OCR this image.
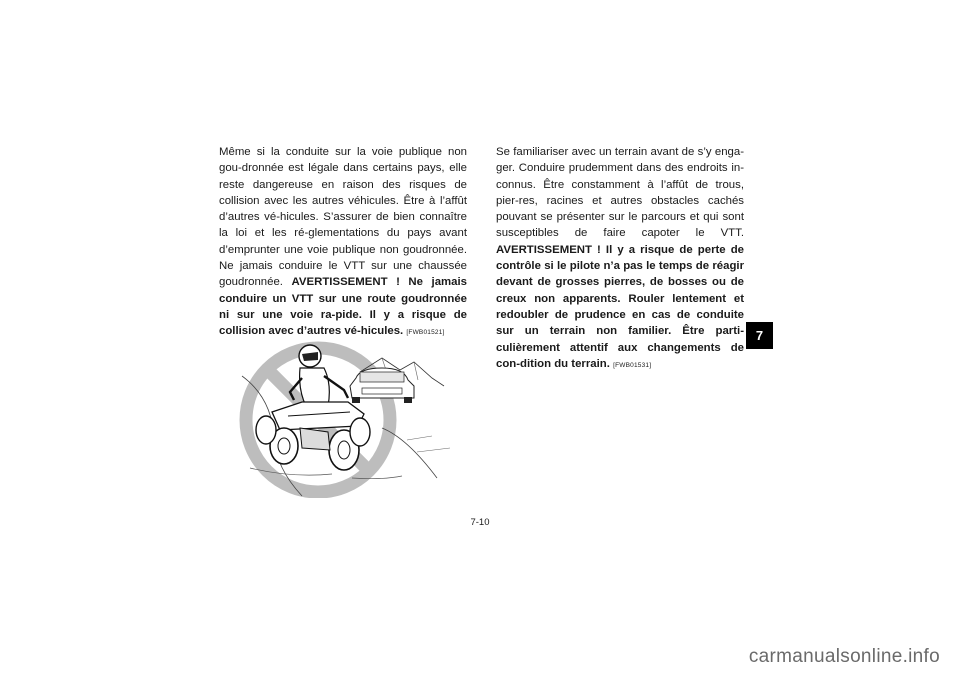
Même si la conduite sur la voie publique non gou-dronnée est légale dans certains pays, elle reste dangereuse en raison des risques de collision avec les autres véhicules. Être à l’affût d’autres vé-hicules. S’assurer de bien connaître la loi et les ré-glementations du pays avant d’emprunter une voie publique non goudronnée. Ne jamais conduire le VTT sur une chaussée goudronnée. AVERTISSEMENT ! Ne jamais conduire un VTT sur une route goudronnée ni sur une voie ra-pide. Il y a risque de collision avec d’autres vé-hicules. [FWB01521]

Se familiariser avec un terrain avant de s’y enga-ger. Conduire prudemment dans des endroits in-connus. Être constamment à l’affût de trous, pier-res, racines et autres obstacles cachés pouvant se présenter sur le parcours et qui sont susceptibles de faire capoter le VTT. AVERTISSEMENT ! Il y a risque de perte de contrôle si le pilote n’a pas le temps de réagir devant de grosses pierres, de bosses ou de creux non apparents. Rouler lentement et redoubler de prudence en cas de conduite sur un terrain non familier. Être parti-culièrement attentif aux changements de con-dition du terrain. [FWB01531]

7
7-10
carmanualsonline.info
